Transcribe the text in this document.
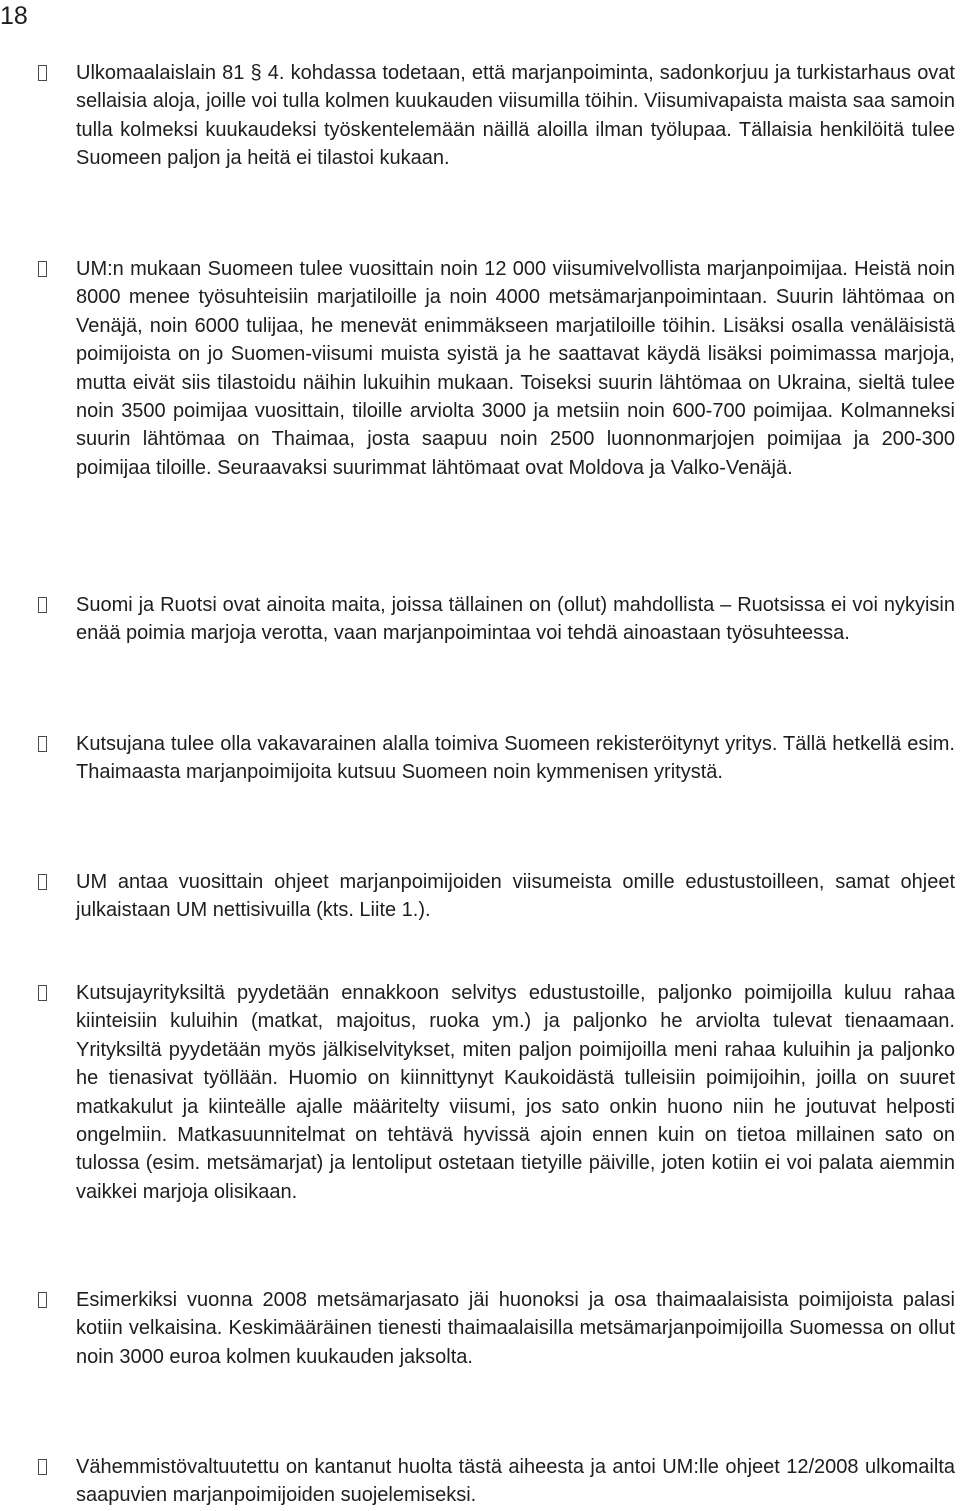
18

Ulkomaalaislain 81 § 4. kohdassa todetaan, että marjanpoiminta, sadonkorjuu ja turkistarhaus ovat sellaisia aloja, joille voi tulla kolmen kuukauden viisumilla töihin. Viisumivapaista maista saa samoin tulla kolmeksi kuukaudeksi työskentelemään näillä aloilla ilman työlupaa. Tällaisia henkilöitä tulee Suomeen paljon ja heitä ei tilastoi kukaan.

UM:n mukaan Suomeen tulee vuosittain noin 12 000 viisumivelvollista marjanpoimijaa. Heistä noin 8000 menee työsuhteisiin marjatiloille ja noin 4000 metsämarjanpoimintaan. Suurin lähtömaa on Venäjä, noin 6000 tulijaa, he menevät enimmäkseen marjatiloille töihin. Lisäksi osalla venäläisistä poimijoista on jo Suomen-viisumi muista syistä ja he saattavat käydä lisäksi poimimassa marjoja, mutta eivät siis tilastoidu näihin lukuihin mukaan. Toiseksi suurin lähtömaa on Ukraina, sieltä tulee noin 3500 poimijaa vuosittain, tiloille arviolta 3000 ja metsiin noin 600-700 poimijaa. Kolmanneksi suurin lähtömaa on Thaimaa, josta saapuu noin 2500 luonnonmarjojen poimijaa ja 200-300 poimijaa tiloille. Seuraavaksi suurimmat lähtömaat ovat Moldova ja Valko-Venäjä.

Suomi ja Ruotsi ovat ainoita maita, joissa tällainen on (ollut) mahdollista – Ruotsissa ei voi nykyisin enää poimia marjoja verotta, vaan marjanpoimintaa voi tehdä ainoastaan työsuhteessa.

Kutsujana tulee olla vakavarainen alalla toimiva Suomeen rekisteröitynyt yritys. Tällä hetkellä esim. Thaimaasta marjanpoimijoita kutsuu Suomeen noin kymmenisen yritystä.

UM antaa vuosittain ohjeet marjanpoimijoiden viisumeista omille edustustoilleen, samat ohjeet julkaistaan UM nettisivuilla (kts. Liite 1.).

Kutsujayrityksiltä pyydetään ennakkoon selvitys edustustoille, paljonko poimijoilla kuluu rahaa kiinteisiin kuluihin (matkat, majoitus, ruoka ym.) ja paljonko he arviolta tulevat tienaamaan. Yrityksiltä pyydetään myös jälkiselvitykset, miten paljon poimijoilla meni rahaa kuluihin ja paljonko he tienasivat työllään. Huomio on kiinnittynyt Kaukoidästä tulleisiin poimijoihin, joilla on suuret matkakulut ja kiinteälle ajalle määritelty viisumi, jos sato onkin huono niin he joutuvat helposti ongelmiin. Matkasuunnitelmat on tehtävä hyvissä ajoin ennen kuin on tietoa millainen sato on tulossa (esim. metsämarjat) ja lentoliput ostetaan tietyille päiville, joten kotiin ei voi palata aiemmin vaikkei marjoja olisikaan.

Esimerkiksi vuonna 2008 metsämarjasato jäi huonoksi ja osa thaimaalaisista poimijoista palasi kotiin velkaisina. Keskimääräinen tienesti thaimaalaisilla metsämarjanpoimijoilla Suomessa on ollut noin 3000 euroa kolmen kuukauden jaksolta.

Vähemmistövaltuutettu on kantanut huolta tästä aiheesta ja antoi UM:lle ohjeet 12/2008 ulkomailta saapuvien marjanpoimijoiden suojelemiseksi.
